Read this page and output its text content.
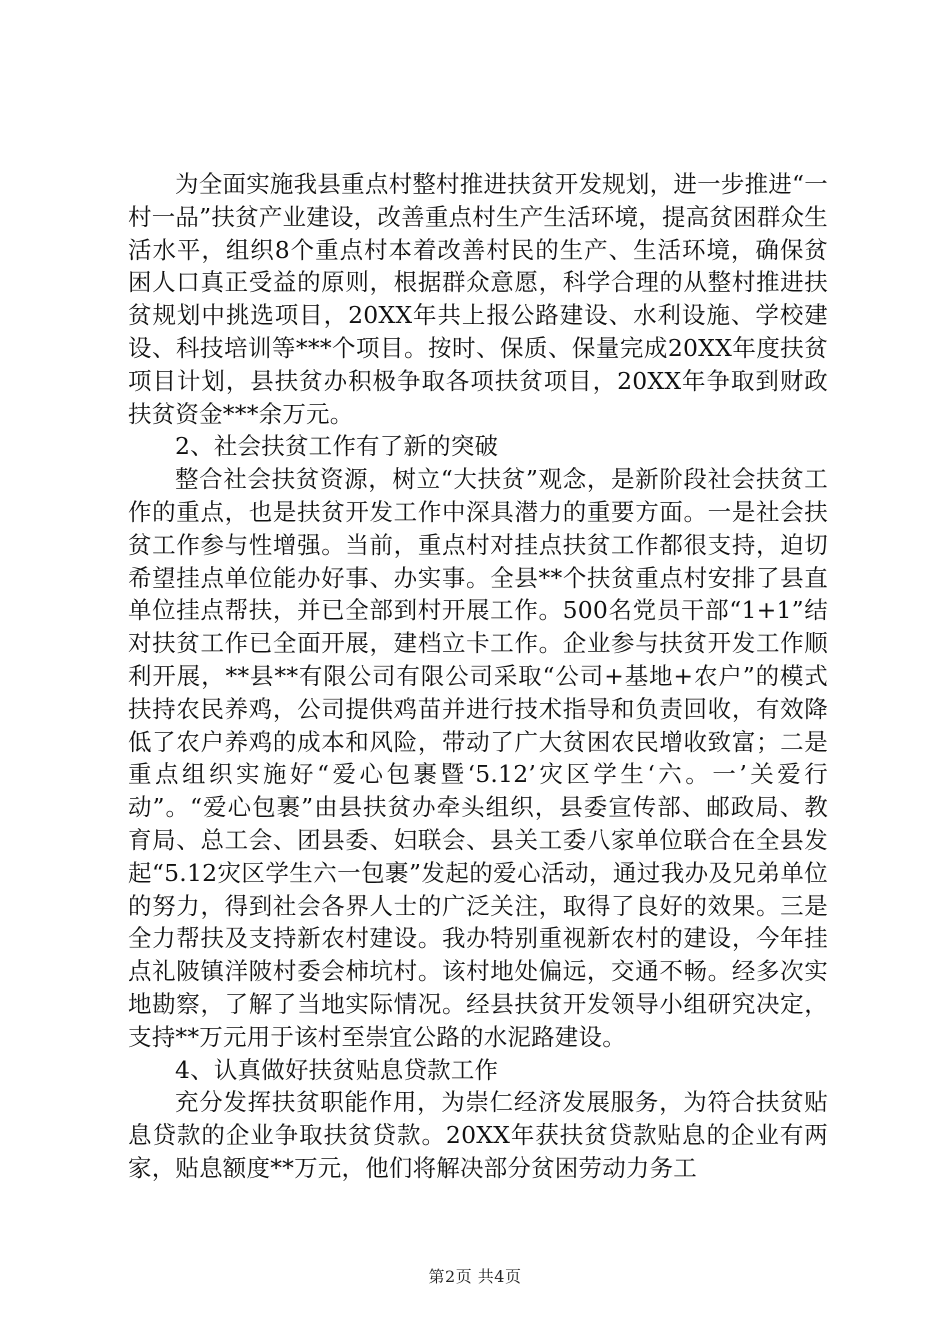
为全面实施我县重点村整村推进扶贫开发规划，进一步推进“一村一品”扶贫产业建设，改善重点村生产生活环境，提高贫困群众生活水平，组织8个重点村本着改善村民的生产、生活环境，确保贫困人口真正受益的原则，根据群众意愿，科学合理的从整村推进扶贫规划中挑选项目，20XX年共上报公路建设、水利设施、学校建设、科技培训等***个项目。按时、保质、保量完成20XX年度扶贫项目计划，县扶贫办积极争取各项扶贫项目，20XX年争取到财政扶贫资金***余万元。

2、社会扶贫工作有了新的突破

整合社会扶贫资源，树立“大扶贫”观念，是新阶段社会扶贫工作的重点，也是扶贫开发工作中深具潜力的重要方面。一是社会扶贫工作参与性增强。当前，重点村对挂点扶贫工作都很支持，迫切希望挂点单位能办好事、办实事。全县**个扶贫重点村安排了县直单位挂点帮扶，并已全部到村开展工作。500名党员干部“1+1”结对扶贫工作已全面开展，建档立卡工作。企业参与扶贫开发工作顺利开展，**县**有限公司有限公司采取“公司+基地+农户”的模式扶持农民养鸡，公司提供鸡苗并进行技术指导和负责回收，有效降低了农户养鸡的成本和风险，带动了广大贫困农民增收致富；二是重点组织实施好“爱心包裹暨‘5.12’灾区学生‘六。一’关爱行动”。“爱心包裹”由县扶贫办牵头组织，县委宣传部、邮政局、教育局、总工会、团县委、妇联会、县关工委八家单位联合在全县发起“5.12灾区学生六一包裹”发起的爱心活动，通过我办及兄弟单位的努力，得到社会各界人士的广泛关注，取得了良好的效果。三是全力帮扶及支持新农村建设。我办特别重视新农村的建设，今年挂点礼陂镇洋陂村委会柿坑村。该村地处偏远，交通不畅。经多次实地勘察，了解了当地实际情况。经县扶贫开发领导小组研究决定，支持**万元用于该村至崇宜公路的水泥路建设。

4、认真做好扶贫贴息贷款工作

充分发挥扶贫职能作用，为崇仁经济发展服务，为符合扶贫贴息贷款的企业争取扶贫贷款。20XX年获扶贫贷款贴息的企业有两家，贴息额度**万元，他们将解决部分贫困劳动力务工

第2页 共4页
